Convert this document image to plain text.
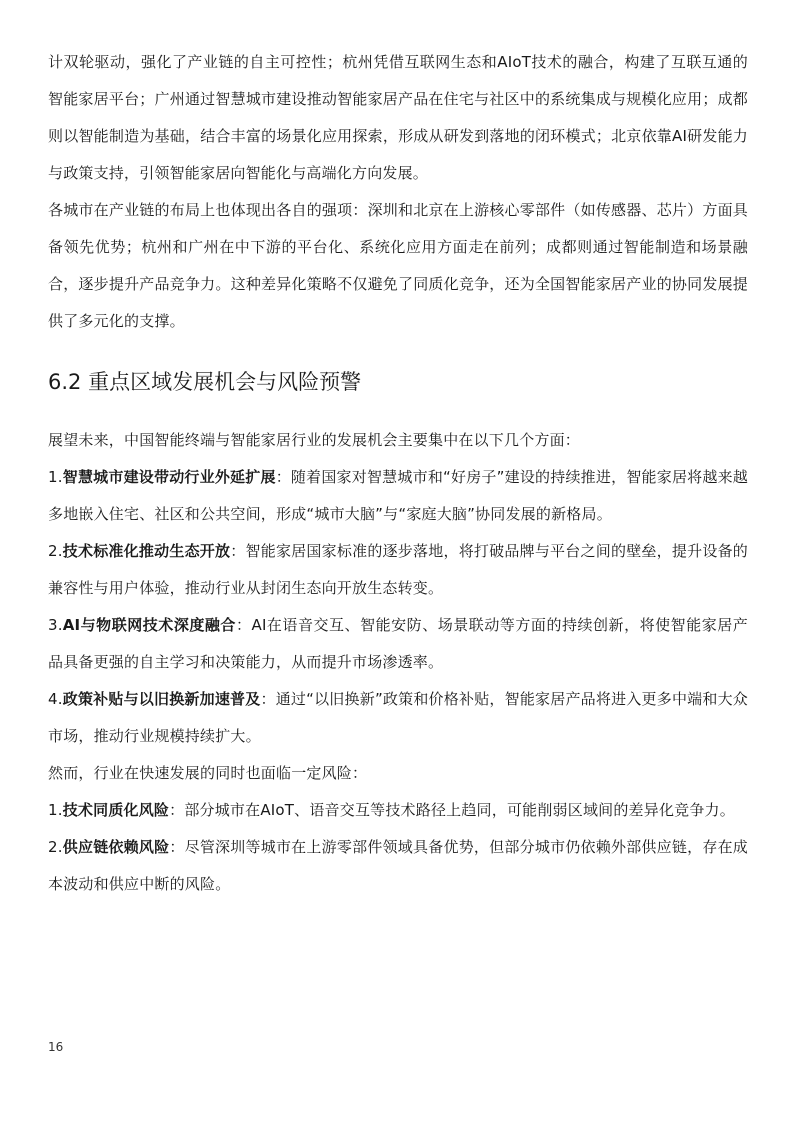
计双轮驱动，强化了产业链的自主可控性；杭州凭借互联网生态和AIoT技术的融合，构建了互联互通的智能家居平台；广州通过智慧城市建设推动智能家居产品在住宅与社区中的系统集成与规模化应用；成都则以智能制造为基础，结合丰富的场景化应用探索，形成从研发到落地的闭环模式；北京依靠AI研发能力与政策支持，引领智能家居向智能化与高端化方向发展。

各城市在产业链的布局上也体现出各自的强项：深圳和北京在上游核心零部件（如传感器、芯片）方面具备领先优势；杭州和广州在中下游的平台化、系统化应用方面走在前列；成都则通过智能制造和场景融合，逐步提升产品竞争力。这种差异化策略不仅避免了同质化竞争，还为全国智能家居产业的协同发展提供了多元化的支撑。

6.2 重点区域发展机会与风险预警

展望未来，中国智能终端与智能家居行业的发展机会主要集中在以下几个方面：

1.智慧城市建设带动行业外延扩展：随着国家对智慧城市和“好房子”建设的持续推进，智能家居将越来越多地嵌入住宅、社区和公共空间，形成“城市大脑”与“家庭大脑”协同发展的新格局。

2.技术标准化推动生态开放：智能家居国家标准的逐步落地，将打破品牌与平台之间的壁垒，提升设备的兼容性与用户体验，推动行业从封闭生态向开放生态转变。

3.AI与物联网技术深度融合：AI在语音交互、智能安防、场景联动等方面的持续创新，将使智能家居产品具备更强的自主学习和决策能力，从而提升市场渗透率。

4.政策补贴与以旧换新加速普及：通过“以旧换新”政策和价格补贴，智能家居产品将进入更多中端和大众市场，推动行业规模持续扩大。

然而，行业在快速发展的同时也面临一定风险：

1.技术同质化风险：部分城市在AIoT、语音交互等技术路径上趋同，可能削弱区域间的差异化竞争力。

2.供应链依赖风险：尽管深圳等城市在上游零部件领域具备优势，但部分城市仍依赖外部供应链，存在成本波动和供应中断的风险。

16
